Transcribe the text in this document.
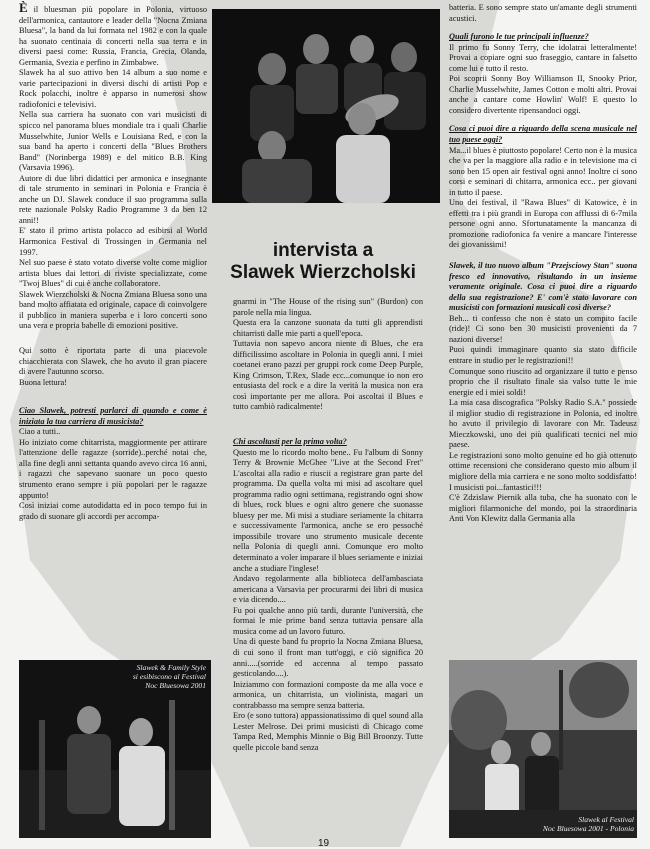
intervista a
Slawek Wierzcholski

È il bluesman più popolare in Polonia, virtuoso dell'armonica, cantautore e leader della "Nocna Zmiana Bluesa", la band da lui formata nel 1982 e con la quale ha suonato centinaia di concerti nella sua terra e in diversi paesi come: Russia, Francia, Grecia, Olanda, Germania, Svezia e perfino in Zimbabwe.

Slawek ha al suo attivo ben 14 album a suo nome e varie partecipazioni in diversi dischi di artisti Pop e Rock polacchi, inoltre è apparso in numerosi show radiofonici e televisivi.

Nella sua carriera ha suonato con vari musicisti di spicco nel panorama blues mondiale tra i quali Charlie Musselwhite, Junior Wells e Louisiana Red, e con la sua band ha aperto i concerti della "Blues Brothers Band" (Norinberga 1989) e del mitico B.B. King (Varsavia 1996).

Autore di due libri didattici per armonica e insegnante di tale strumento in seminari in Polonia e Francia è anche un DJ. Slawek conduce il suo programma sulla rete nazionale Polsky Radio Programme 3 da ben 12 anni!!

E' stato il primo artista polacco ad esibirsi al World Harmonica Festival di Trossingen in Germania nel 1997.

Nel suo paese è stato votato diverse volte come miglior artista blues dai lettori di riviste specializzate, come "Twoj Blues" di cui è anche collaboratore.

Slawek Wierzcholski & Nocna Zmiana Bluesa sono una band molto affiatata ed originale, capace di coinvolgere il pubblico in maniera superba e i loro concerti sono una vera e propria babelle di emozioni positive.

Qui sotto è riportata parte di una piacevole chiacchierata con Slawek, che ho avuto il gran piacere di avere l'autunno scorso.

Buona lettura!

Ciao Slawek, potresti parlarci di quando e come è iniziata la tua carriera di musicista?

Ciao a tutti..

Ho iniziato come chitarrista, maggiormente per attirare l'attenzione delle ragazze (sorride)..perché notai che, alla fine degli anni settanta quando avevo circa 16 anni, i ragazzi che sapevano suonare un poco questo strumento erano sempre i più popolari per le ragazze appunto!

Così iniziai come autodidatta ed in poco tempo fui in grado di suonare gli accordi per accompa-

Slawek & Family Style
si esibiscono al Festival
Noc Bluesowa 2001

gnarmi in "The House of the rising sun" (Burdon) con parole nella mia lingua.

Questa era la canzone suonata da tutti gli apprendisti chitarristi dalle mie parti a quell'epoca.

Tuttavia non sapevo ancora niente di Blues, che era difficilissimo ascoltare in Polonia in quegli anni. I miei coetanei erano pazzi per gruppi rock come Deep Purple, King Crimson, T.Rex, Slade ecc...comunque io non ero entusiasta del rock e a dire la verità la musica non era così importante per me allora. Poi ascoltai il Blues e tutto cambiò radicalmente!

Chi ascoltasti per la prima volta?

Questo me lo ricordo molto bene.. Fu l'album di Sonny Terry & Brownie McGhee "Live at the Second Fret" L'ascoltai alla radio e riuscii a registrare gran parte del programma. Da quella volta mi misi ad ascoltare quel programma radio ogni settimana, registrando ogni show di blues, rock blues e ogni altro genere che suonasse bluesy per me. Mi misi a studiare seriamente la chitarra e successivamente l'armonica, anche se ero pessoché impossibile trovare uno strumento musicale decente nella Polonia di quegli anni. Comunque ero molto determinato a voler imparare il blues seriamente e iniziai anche a studiare l'inglese!

Andavo regolarmente alla biblioteca dell'ambasciata americana a Varsavia per procurarmi dei libri di musica e via dicendo....

Fu poi qualche anno più tardi, durante l'università, che formai le mie prime band senza tuttavia pensare alla musica come ad un lavoro futuro.

Una di queste band fu proprio la Nocna Zmiana Bluesa, di cui sono il front man tutt'oggi, e ciò significa 20 anni.....(sorride ed accenna al tempo passato gesticolando....).

Iniziammo con formazioni composte da me alla voce e armonica, un chitarrista, un violinista, magari un contrabbasso ma sempre senza batteria.

Ero (e sono tuttora) appassionatissimo di quel sound alla Lester Melrose. Dei primi musicisti di Chicago come Tampa Red, Memphis Minnie o Big Bill Broonzy. Tutte quelle piccole band senza

batteria. E sono sempre stato un'amante degli strumenti acustici.

Quali furono le tue principali influenze?

Il primo fu Sonny Terry, che idolatrai letteralmente! Provai a copiare ogni suo fraseggio, cantare in falsetto come lui e tutto il resto.

Poi scoprii Sonny Boy Williamson II, Snooky Prior, Charlie Musselwhite, James Cotton e molti altri. Provai anche a cantare come Howlin' Wolf! E questo lo considero divertente ripensandoci oggi.

Cosa ci puoi dire a riguardo della scena musicale nel tuo paese oggi?

Ma...il blues è piuttosto popolare! Certo non è la musica che va per la maggiore alla radio e in televisione ma ci sono ben 15 open air festival ogni anno! Inoltre ci sono corsi e seminari di chitarra, armonica ecc.. per giovani in tutto il paese.

Uno dei festival, il "Rawa Blues" di Katowice, è in effetti tra i più grandi in Europa con afflussi di 6-7mila persone ogni anno. Sfortunatamente la mancanza di promozione radiofonica fa venire a mancare l'interesse dei giovanissimi!

Slawek, il tuo nuovo album "Przejsciowy Stan" suona fresco ed innovativo, risultando in un insieme veramente originale. Cosa ci puoi dire a riguardo della sua registrazione? E' com'è stato lavorare con musicisti con formazioni musicali così diverse?

Beh... ti confesso che non è stato un compito facile (ride)! Ci sono ben 30 musicisti provenienti da 7 nazioni diverse!

Puoi quindi immaginare quanto sia stato difficile entrare in studio per le registrazioni!!

Comunque sono riuscito ad organizzare il tutto e penso proprio che il risultato finale sia valso tutte le mie energie ed i miei soldi!

La mia casa discografica "Polsky Radio S.A." possiede il miglior studio di registrazione in Polonia, ed inoltre ho avuto il privilegio di lavorare con Mr. Tadeusz Mieczkowski, uno dei più qualificati tecnici nel mio paese.

Le registrazioni sono molto genuine ed ho già ottenuto ottime recensioni che considerano questo mio album il migliore della mia carriera e ne sono molto soddisfatto! I musicisti poi...fantastici!!!

C'è Zdzislaw Piernik alla tuba, che ha suonato con le migliori filarmoniche del mondo, poi la straordinaria Anti Von Klewitz dalla Germania alla

Slawek al Festival
Noc Bluesowa 2001 - Polonia
19
